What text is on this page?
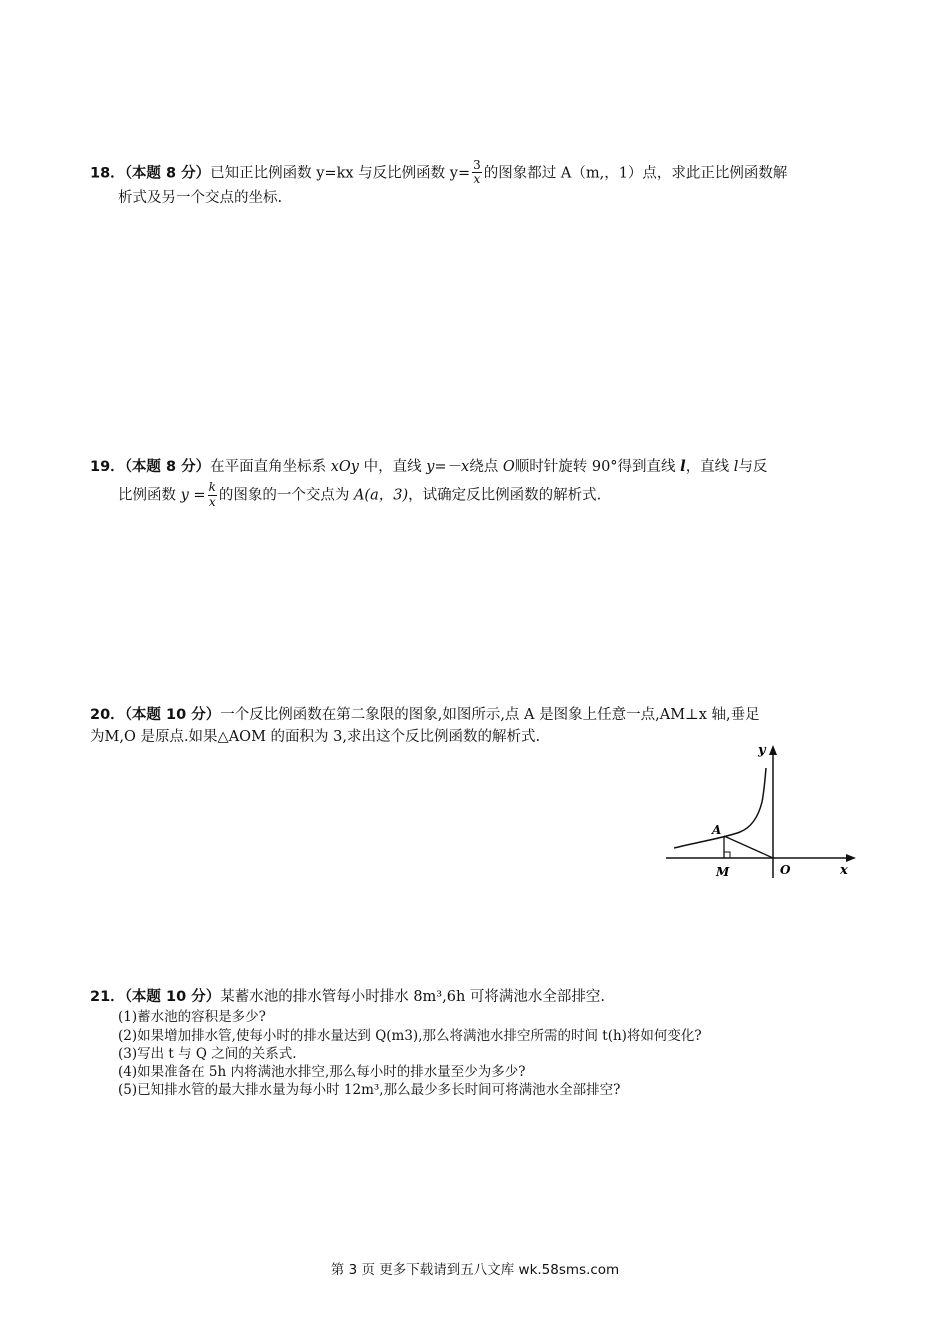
18．（本题 8 分）已知正比例函数 y=kx 与反比例函数 $y= \frac{3}{x}$ 的图象都过 A（m,，1）点，求此正比例函数解
析式及另一个交点的坐标.
19．（本题 8 分）在平面直角坐标系 xOy 中，直线 y=－x绕点 O顺时针旋转 90°得到直线 l，直线 l与反
比例函数 $y = \frac{k}{x}$ 的图象的一个交点为 A(a，3)，试确定反比例函数的解析式.
20．（本题 10 分）一个反比例函数在第二象限的图象,如图所示,点 A 是图象上任意一点,AM⊥x 轴,垂足
为M,O 是原点.如果△AOM 的面积为 3,求出这个反比例函数的解析式.
y
x
A
M	O
21．（本题 10 分）某蓄水池的排水管每小时排水 8m³,6h 可将满池水全部排空.
(1)蓄水池的容积是多少?
(2)如果增加排水管,使每小时的排水量达到 Q(m3),那么将满池水排空所需的时间 t(h)将如何变化?
(3)写出 t 与 Q 之间的关系式.
(4)如果准备在 5h 内将满池水排空,那么每小时的排水量至少为多少?
(5)已知排水管的最大排水量为每小时 12m³,那么最少多长时间可将满池水全部排空?
第 3 页 更多下载请到五八文库 wk.58sms.com
